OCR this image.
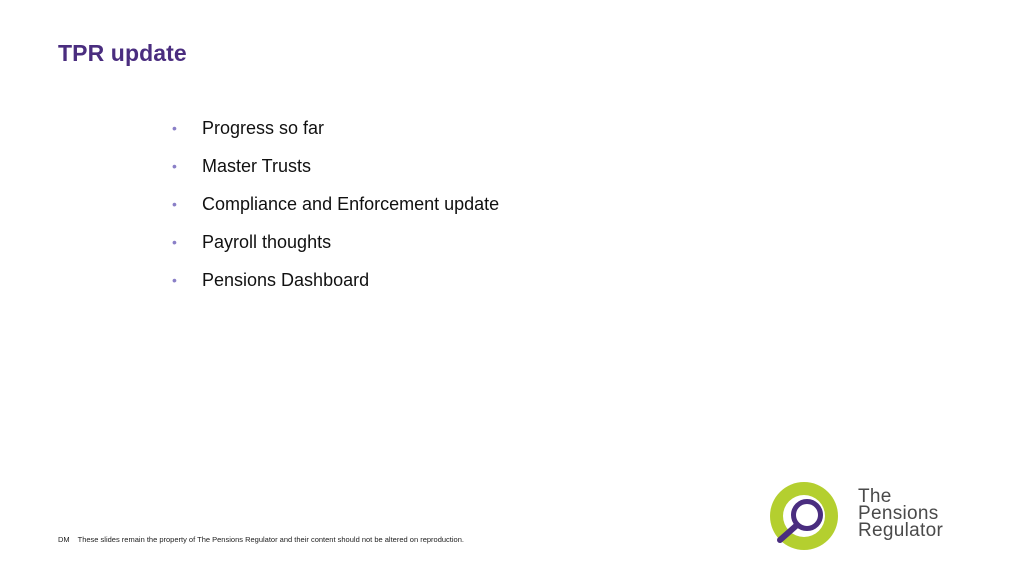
TPR update
•	Progress so far
•	Master Trusts
•	Compliance and Enforcement update
•	Payroll thoughts
•	Pensions Dashboard
DM These slides remain the property of The Pensions Regulator and their content should not be altered on reproduction.
The
Pensions
Regulator
